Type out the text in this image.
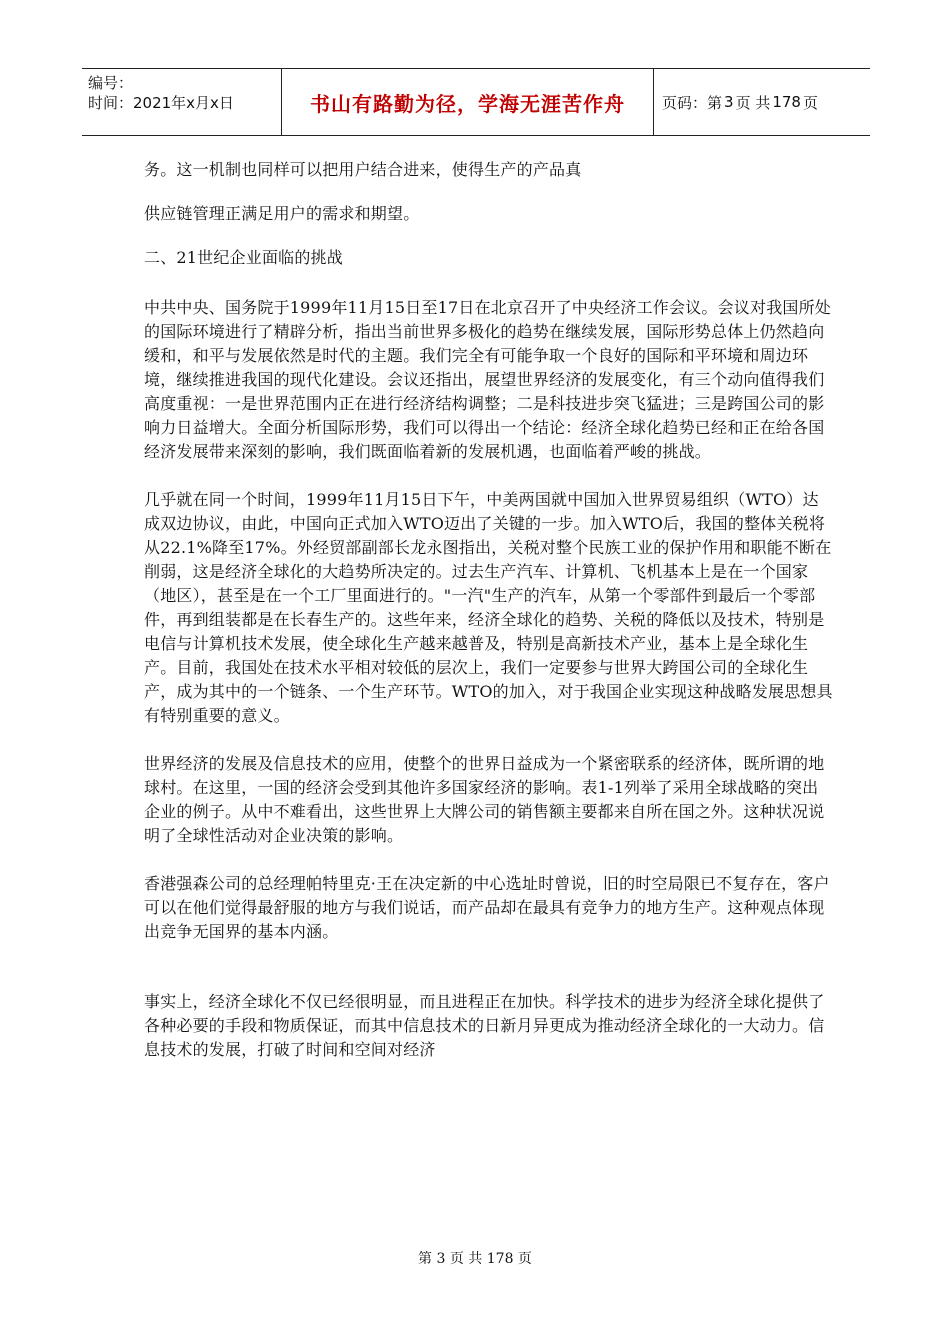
编号：
时间：2021年x月x日	书山有路勤为径，学海无涯苦作舟 页码：第 3 页 共 178 页

务。这一机制也同样可以把用户结合进来，使得生产的产品真

供应链管理正满足用户的需求和期望。

二、21世纪企业面临的挑战

中共中央、国务院于1999年11月15日至17日在北京召开了中央经济工作会议。会议对我国所处的国际环境进行了精辟分析，指出当前世界多极化的趋势在继续发展，国际形势总体上仍然趋向缓和，和平与发展依然是时代的主题。我们完全有可能争取一个良好的国际和平环境和周边环境，继续推进我国的现代化建设。会议还指出，展望世界经济的发展变化，有三个动向值得我们高度重视：一是世界范围内正在进行经济结构调整；二是科技进步突飞猛进；三是跨国公司的影响力日益增大。全面分析国际形势，我们可以得出一个结论：经济全球化趋势已经和正在给各国经济发展带来深刻的影响，我们既面临着新的发展机遇，也面临着严峻的挑战。

几乎就在同一个时间，1999年11月15日下午，中美两国就中国加入世界贸易组织（WTO）达成双边协议，由此，中国向正式加入WTO迈出了关键的一步。加入WTO后，我国的整体关税将从22.1%降至17%。外经贸部副部长龙永图指出，关税对整个民族工业的保护作用和职能不断在削弱，这是经济全球化的大趋势所决定的。过去生产汽车、计算机、飞机基本上是在一个国家（地区），甚至是在一个工厂里面进行的。"一汽"生产的汽车，从第一个零部件到最后一个零部件，再到组装都是在长春生产的。这些年来，经济全球化的趋势、关税的降低以及技术，特别是电信与计算机技术发展，使全球化生产越来越普及，特别是高新技术产业，基本上是全球化生产。目前，我国处在技术水平相对较低的层次上，我们一定要参与世界大跨国公司的全球化生产，成为其中的一个链条、一个生产环节。WTO的加入，对于我国企业实现这种战略发展思想具有特别重要的意义。

世界经济的发展及信息技术的应用，使整个的世界日益成为一个紧密联系的经济体，既所谓的地球村。在这里，一国的经济会受到其他许多国家经济的影响。表1-1列举了采用全球战略的突出企业的例子。从中不难看出，这些世界上大牌公司的销售额主要都来自所在国之外。这种状况说明了全球性活动对企业决策的影响。

香港强森公司的总经理帕特里克·王在决定新的中心选址时曾说，旧的时空局限已不复存在，客户可以在他们觉得最舒服的地方与我们说话，而产品却在最具有竞争力的地方生产。这种观点体现出竞争无国界的基本内涵。

事实上，经济全球化不仅已经很明显，而且进程正在加快。科学技术的进步为经济全球化提供了各种必要的手段和物质保证，而其中信息技术的日新月异更成为推动经济全球化的一大动力。信息技术的发展，打破了时间和空间对经济

第 3 页 共 178 页
